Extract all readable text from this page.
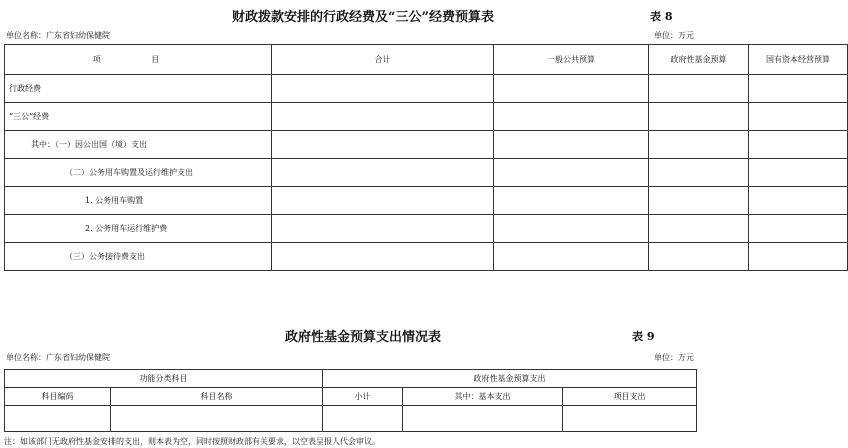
财政拨款安排的行政经费及“三公”经费预算表	表 8
单位名称：广东省妇幼保健院	单位：万元
项 目	合计	一般公共预算	政府性基金预算	国有资本经营预算
行政经费				
“三公”经费				
其中：（一）因公出国（境）支出				
（二）公务用车购置及运行维护支出				
1. 公务用车购置				
2. 公务用车运行维护费				
（三）公务接待费支出				
政府性基金预算支出情况表	表 9
单位名称：广东省妇幼保健院	单位：万元
功能分类科目		政府性基金预算支出		
科目编码	科目名称	小计	其中：基本支出	项目支出

注：如该部门无政府性基金安排的支出，则本表为空，同时按照财政部有关要求，以空表呈报人代会审议。
